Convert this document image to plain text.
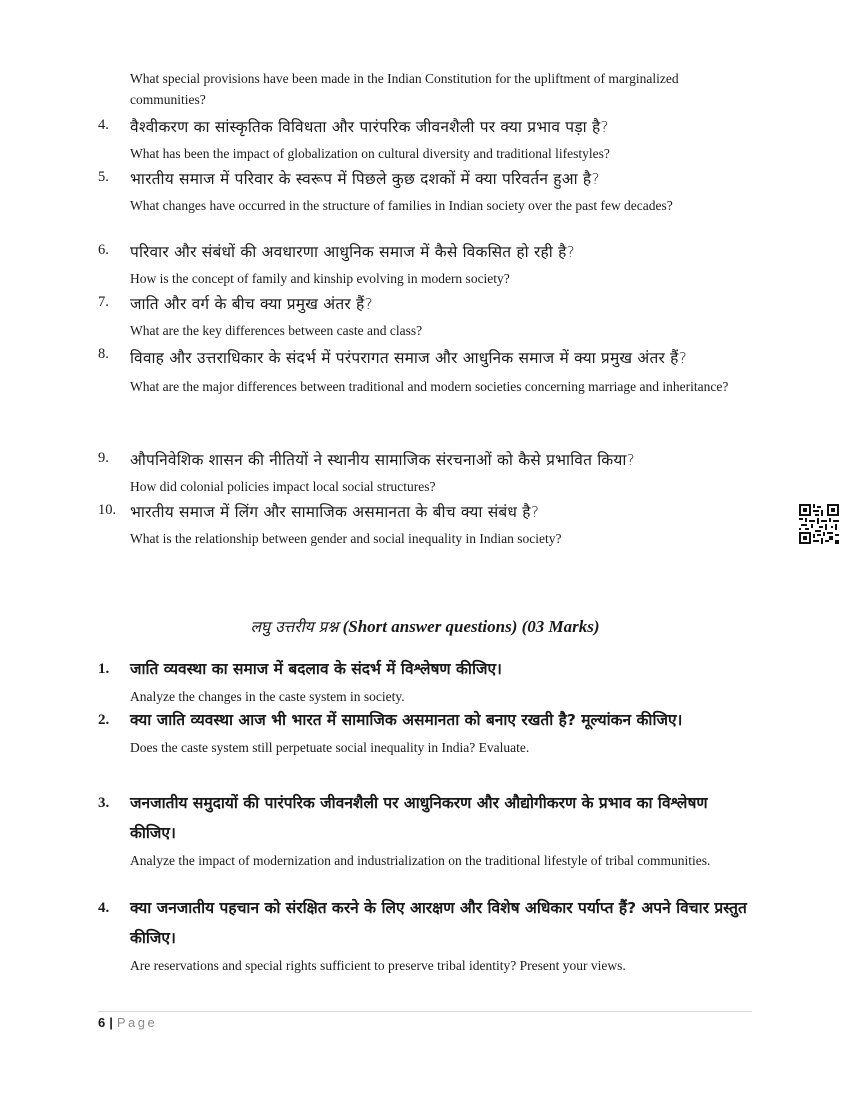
What special provisions have been made in the Indian Constitution for the upliftment of marginalized communities?
4.	वैश्वीकरण का सांस्कृतिक विविधता और पारंपरिक जीवनशैली पर क्या प्रभाव पड़ा है?
What has been the impact of globalization on cultural diversity and traditional lifestyles?
5.	भारतीय समाज में परिवार के स्वरूप में पिछले कुछ दशकों में क्या परिवर्तन हुआ है?
What changes have occurred in the structure of families in Indian society over the past few decades?
6.	परिवार और संबंधों की अवधारणा आधुनिक समाज में कैसे विकसित हो रही है?
How is the concept of family and kinship evolving in modern society?
7.	जाति और वर्ग के बीच क्या प्रमुख अंतर हैं?
What are the key differences between caste and class?
8.	विवाह और उत्तराधिकार के संदर्भ में परंपरागत समाज और आधुनिक समाज में क्या प्रमुख अंतर हैं?
What are the major differences between traditional and modern societies concerning marriage and inheritance?
9.	औपनिवेशिक शासन की नीतियों ने स्थानीय सामाजिक संरचनाओं को कैसे प्रभावित किया?
How did colonial policies impact local social structures?
10. भारतीय समाज में लिंग और सामाजिक असमानता के बीच क्या संबंध है?
What is the relationship between gender and social inequality in Indian society?
लघु उत्तरीय प्रश्न (Short answer questions) (03 Marks)
1.	जाति व्यवस्था का समाज में बदलाव के संदर्भ में विश्लेषण कीजिए।
Analyze the changes in the caste system in society.
2.	क्या जाति व्यवस्था आज भी भारत में सामाजिक असमानता को बनाए रखती है? मूल्यांकन कीजिए।
Does the caste system still perpetuate social inequality in India? Evaluate.
3.	जनजातीय समुदायों की पारंपरिक जीवनशैली पर आधुनिकरण और औद्योगीकरण के प्रभाव का विश्लेषण कीजिए।
Analyze the impact of modernization and industrialization on the traditional lifestyle of tribal communities.
4.	क्या जनजातीय पहचान को संरक्षित करने के लिए आरक्षण और विशेष अधिकार पर्याप्त हैं? अपने विचार प्रस्तुत कीजिए।
Are reservations and special rights sufficient to preserve tribal identity? Present your views.
6 | Page
